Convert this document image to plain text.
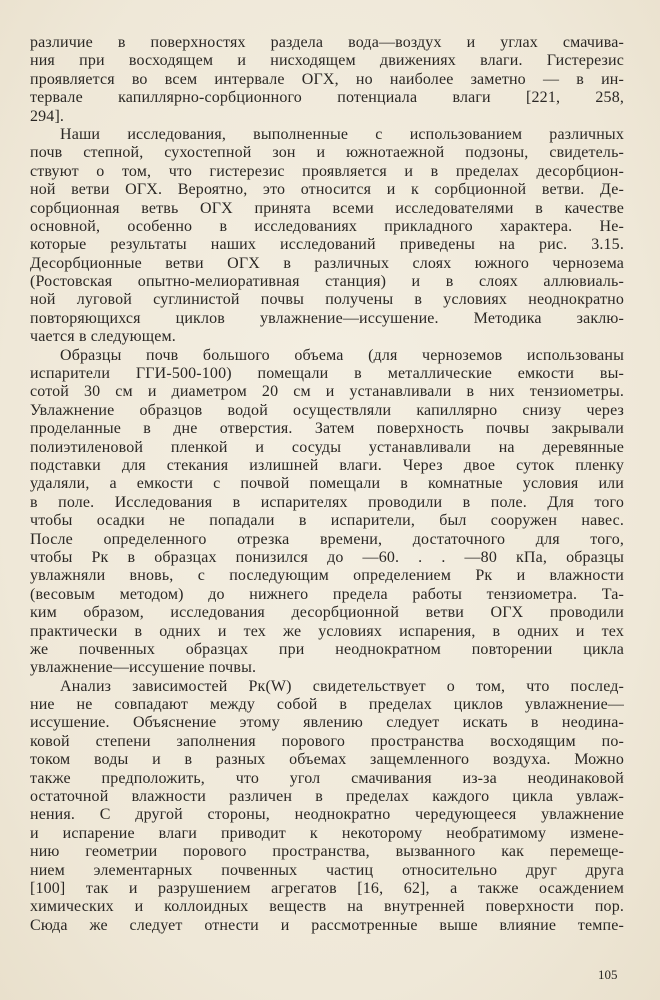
различие в поверхностях раздела вода—воздух и углах смачива-
ния при восходящем и нисходящем движениях влаги. Гистерезис
проявляется во всем интервале ОГХ, но наиболее заметно — в ин-
тервале капиллярно-сорбционного потенциала влаги [221, 258,
294].
Наши исследования, выполненные с использованием различных
почв степной, сухостепной зон и южнотаежной подзоны, свидетель-
ствуют о том, что гистерезис проявляется и в пределах десорбцион-
ной ветви ОГХ. Вероятно, это относится и к сорбционной ветви. Де-
сорбционная ветвь ОГХ принята всеми исследователями в качестве
основной, особенно в исследованиях прикладного характера. Не-
которые результаты наших исследований приведены на рис. 3.15.
Десорбционные ветви ОГХ в различных слоях южного чернозема
(Ростовская опытно-мелиоративная станция) и в слоях аллювиаль-
ной луговой суглинистой почвы получены в условиях неоднократно
повторяющихся циклов увлажнение—иссушение. Методика заклю-
чается в следующем.
Образцы почв большого объема (для черноземов использованы
испарители ГГИ-500-100) помещали в металлические емкости вы-
сотой 30 см и диаметром 20 см и устанавливали в них тензиометры.
Увлажнение образцов водой осуществляли капиллярно снизу через
проделанные в дне отверстия. Затем поверхность почвы закрывали
полиэтиленовой пленкой и сосуды устанавливали на деревянные
подставки для стекания излишней влаги. Через двое суток пленку
удаляли, а емкости с почвой помещали в комнатные условия или
в поле. Исследования в испарителях проводили в поле. Для того
чтобы осадки не попадали в испарители, был сооружен навес.
После определенного отрезка времени, достаточного для того,
чтобы Pк в образцах понизился до —60. . . —80 кПа, образцы
увлажняли вновь, с последующим определением Pк и влажности
(весовым методом) до нижнего предела работы тензиометра. Та-
ким образом, исследования десорбционной ветви ОГХ проводили
практически в одних и тех же условиях испарения, в одних и тех
же почвенных образцах при неоднократном повторении цикла
увлажнение—иссушение почвы.
Анализ зависимостей Pк(W) свидетельствует о том, что послед-
ние не совпадают между собой в пределах циклов увлажнение—
иссушение. Объяснение этому явлению следует искать в неодина-
ковой степени заполнения порового пространства восходящим по-
током воды и в разных объемах защемленного воздуха. Можно
также предположить, что угол смачивания из-за неодинаковой
остаточной влажности различен в пределах каждого цикла увлаж-
нения. С другой стороны, неоднократно чередующееся увлажнение
и испарение влаги приводит к некоторому необратимому измене-
нию геометрии порового пространства, вызванного как перемеще-
нием элементарных почвенных частиц относительно друг друга
[100] так и разрушением агрегатов [16, 62], а также осаждением
химических и коллоидных веществ на внутренней поверхности пор.
Сюда же следует отнести и рассмотренные выше влияние темпе-
105
